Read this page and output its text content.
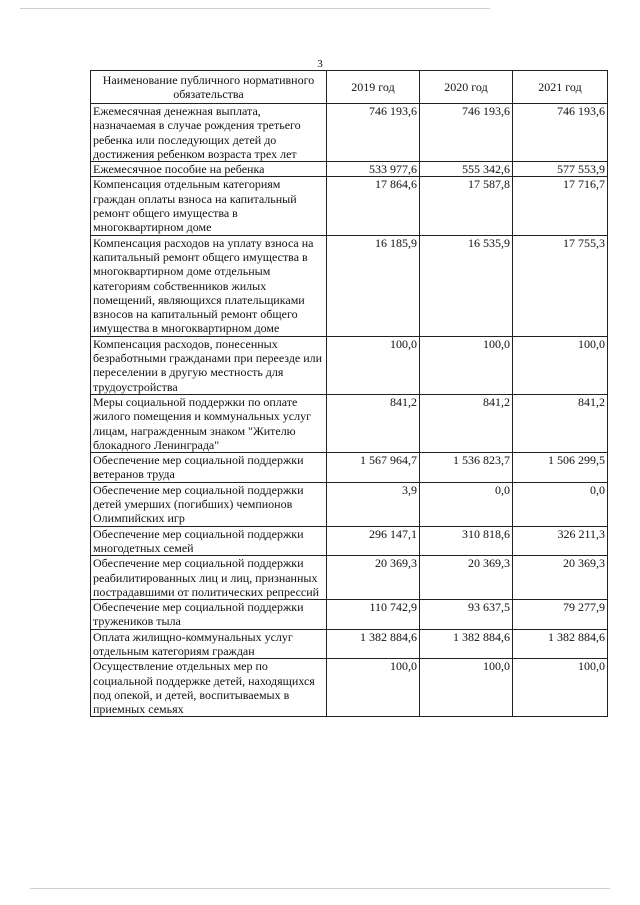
3
Наименование публичного нормативного обязательства	2019 год	2020 год	2021 год
Ежемесячная денежная выплата, назначаемая в случае рождения третьего ребенка или последующих детей до достижения ребенком возраста трех лет	746 193,6	746 193,6	746 193,6
Ежемесячное пособие на ребенка	533 977,6	555 342,6	577 553,9
Компенсация отдельным категориям граждан оплаты взноса на капитальный ремонт общего имущества в многоквартирном доме	17 864,6	17 587,8	17 716,7
Компенсация расходов на уплату взноса на капитальный ремонт общего имущества в многоквартирном доме отдельным категориям собственников жилых помещений, являющихся плательщиками взносов на капитальный ремонт общего имущества в многоквартирном доме	16 185,9	16 535,9	17 755,3
Компенсация расходов, понесенных безработными гражданами при переезде или переселении в другую местность для трудоустройства	100,0	100,0	100,0
Меры социальной поддержки по оплате жилого помещения и коммунальных услуг лицам, награжденным знаком "Жителю блокадного Ленинграда"	841,2	841,2	841,2
Обеспечение мер социальной поддержки ветеранов труда	1 567 964,7	1 536 823,7	1 506 299,5
Обеспечение мер социальной поддержки детей умерших (погибших) чемпионов Олимпийских игр	3,9	0,0	0,0
Обеспечение мер социальной поддержки многодетных семей	296 147,1	310 818,6	326 211,3
Обеспечение мер социальной поддержки реабилитированных лиц и лиц, признанных пострадавшими от политических репрессий	20 369,3	20 369,3	20 369,3
Обеспечение мер социальной поддержки тружеников тыла	110 742,9	93 637,5	79 277,9
Оплата жилищно-коммунальных услуг отдельным категориям граждан	1 382 884,6	1 382 884,6	1 382 884,6
Осуществление отдельных мер по социальной поддержке детей, находящихся под опекой, и детей, воспитываемых в приемных семьях	100,0	100,0	100,0
